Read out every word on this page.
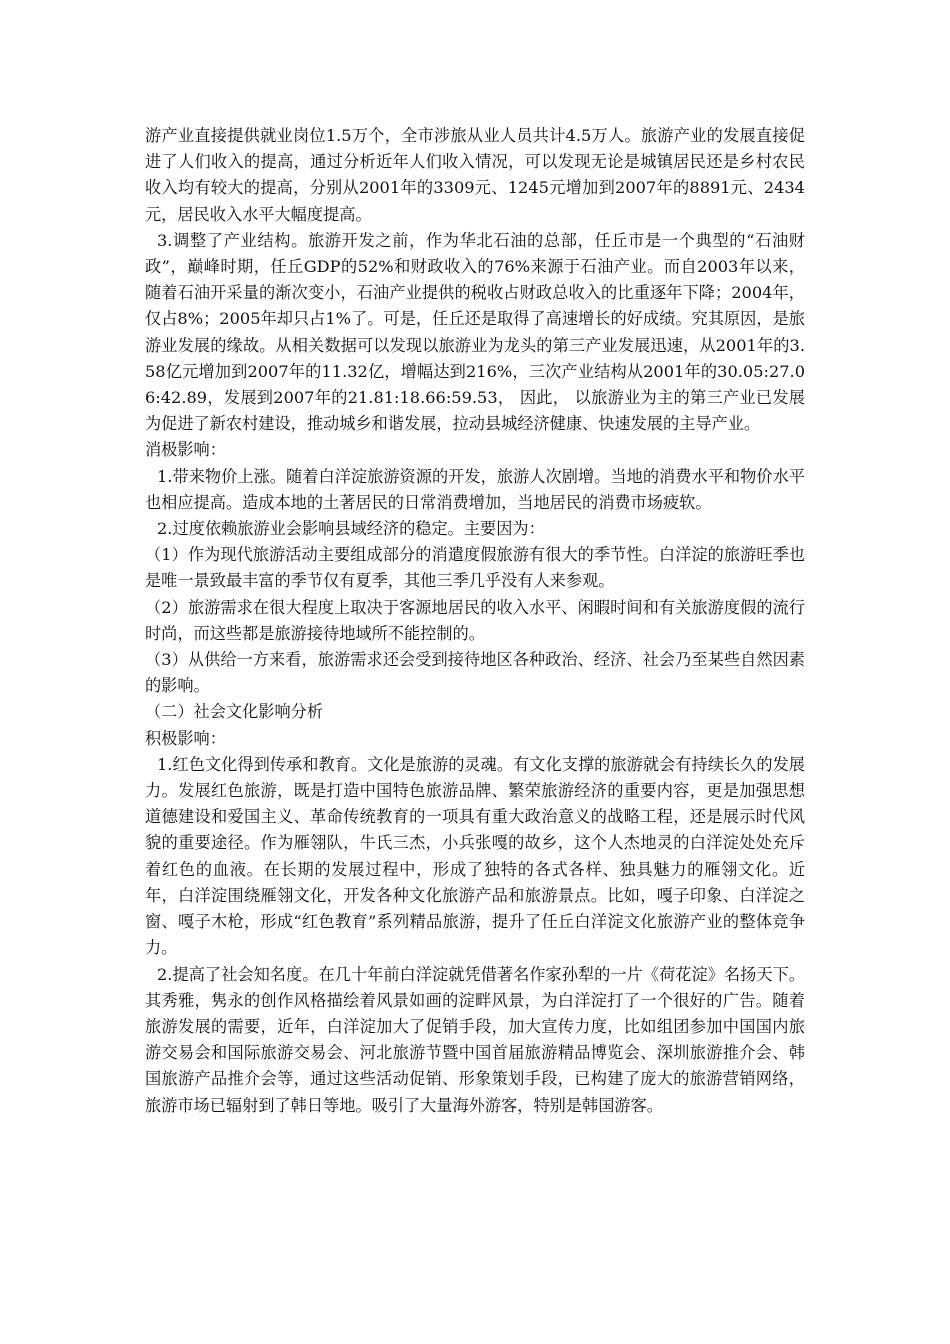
游产业直接提供就业岗位1.5万个，全市涉旅从业人员共计4.5万人。旅游产业的发展直接促进了人们收入的提高，通过分析近年人们收入情况，可以发现无论是城镇居民还是乡村农民收入均有较大的提高，分别从2001年的3309元、1245元增加到2007年的8891元、2434元，居民收入水平大幅度提高。

3.调整了产业结构。旅游开发之前，作为华北石油的总部，任丘市是一个典型的“石油财政”，巅峰时期，任丘GDP的52%和财政收入的76%来源于石油产业。而自2003年以来，随着石油开采量的渐次变小，石油产业提供的税收占财政总收入的比重逐年下降；2004年，仅占8%；2005年却只占1%了。可是，任丘还是取得了高速增长的好成绩。究其原因，是旅游业发展的缘故。从相关数据可以发现以旅游业为龙头的第三产业发展迅速，从2001年的3.58亿元增加到2007年的11.32亿，增幅达到216%，三次产业结构从2001年的30.05:27.06:42.89，发展到2007年的21.81:18.66:59.53， 因此， 以旅游业为主的第三产业已发展为促进了新农村建设，推动城乡和谐发展，拉动县城经济健康、快速发展的主导产业。

消极影响：

1.带来物价上涨。随着白洋淀旅游资源的开发，旅游人次剧增。当地的消费水平和物价水平也相应提高。造成本地的土著居民的日常消费增加，当地居民的消费市场疲软。

2.过度依赖旅游业会影响县域经济的稳定。主要因为：

（1）作为现代旅游活动主要组成部分的消遣度假旅游有很大的季节性。白洋淀的旅游旺季也是唯一景致最丰富的季节仅有夏季，其他三季几乎没有人来参观。

（2）旅游需求在很大程度上取决于客源地居民的收入水平、闲暇时间和有关旅游度假的流行时尚，而这些都是旅游接待地域所不能控制的。

（3）从供给一方来看，旅游需求还会受到接待地区各种政治、经济、社会乃至某些自然因素的影响。

（二）社会文化影响分析

积极影响：

1.红色文化得到传承和教育。文化是旅游的灵魂。有文化支撑的旅游就会有持续长久的发展力。发展红色旅游，既是打造中国特色旅游品牌、繁荣旅游经济的重要内容，更是加强思想道德建设和爱国主义、革命传统教育的一项具有重大政治意义的战略工程，还是展示时代风貌的重要途径。作为雁翎队，牛氏三杰，小兵张嘎的故乡，这个人杰地灵的白洋淀处处充斥着红色的血液。在长期的发展过程中，形成了独特的各式各样、独具魅力的雁翎文化。近年，白洋淀围绕雁翎文化，开发各种文化旅游产品和旅游景点。比如，嘎子印象、白洋淀之窗、嘎子木枪，形成“红色教育”系列精品旅游，提升了任丘白洋淀文化旅游产业的整体竞争力。

2.提高了社会知名度。在几十年前白洋淀就凭借著名作家孙犁的一片《荷花淀》名扬天下。其秀雅，隽永的创作风格描绘着风景如画的淀畔风景，为白洋淀打了一个很好的广告。随着旅游发展的需要，近年，白洋淀加大了促销手段，加大宣传力度，比如组团参加中国国内旅游交易会和国际旅游交易会、河北旅游节暨中国首届旅游精品博览会、深圳旅游推介会、韩国旅游产品推介会等，通过这些活动促销、形象策划手段，已构建了庞大的旅游营销网络，旅游市场已辐射到了韩日等地。吸引了大量海外游客，特别是韩国游客。
